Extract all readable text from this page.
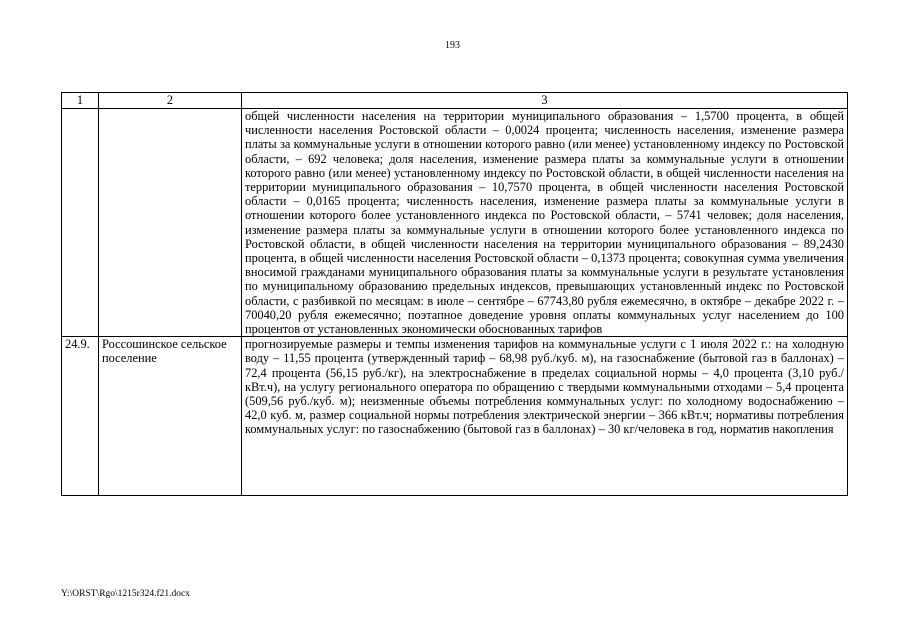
193
1	2	3
		общей численности населения на территории муниципального образования – 1,5700 процента, в общей численности населения Ростовской области – 0,0024 процента; численность населения, изменение размера платы за коммунальные услуги в отношении которого равно (или менее) установленному индексу по Ростовской области, – 692 человека; доля населения, изменение размера платы за коммунальные услуги в отношении которого равно (или менее) установленному индексу по Ростовской области, в общей численности населения на территории муниципального образования – 10,7570 процента, в общей численности населения Ростовской области – 0,0165 процента; численность населения, изменение размера платы за коммунальные услуги в отношении которого более установленного индекса по Ростовской области, – 5741 человек; доля населения, изменение размера платы за коммунальные услуги в отношении которого более установленного индекса по Ростовской области, в общей численности населения на территории муниципального образования – 89,2430 процента, в общей численности населения Ростовской области – 0,1373 процента; совокупная сумма увеличения вносимой гражданами муниципального образования платы за коммунальные услуги в результате установления по муниципальному образованию предельных индексов, превышающих установленный индекс по Ростовской области, с разбивкой по месяцам: в июле – сентябре – 67743,80 рубля ежемесячно, в октябре – декабре 2022 г. – 70040,20 рубля ежемесячно; поэтапное доведение уровня оплаты коммунальных услуг населением до 100 процентов от установленных экономически обоснованных тарифов
24.9.	Россошинское сельское поселение	прогнозируемые размеры и темпы изменения тарифов на коммунальные услуги с 1 июля 2022 г.: на холодную воду – 11,55 процента (утвержденный тариф – 68,98 руб./куб. м), на газоснабжение (бытовой газ в баллонах) – 72,4 процента (56,15 руб./кг), на электроснабжение в пределах социальной нормы – 4,0 процента (3,10 руб./кВт.ч), на услугу регионального оператора по обращению с твердыми коммунальными отходами – 5,4 процента (509,56 руб./куб. м); неизменные объемы потребления коммунальных услуг: по холодному водоснабжению – 42,0 куб. м, размер социальной нормы потребления электрической энергии – 366 кВт.ч; нормативы потребления коммунальных услуг: по газоснабжению (бытовой газ в баллонах) – 30 кг/человека в год, норматив накопления
Y:\ORST\Rgo\1215r324.f21.docx
